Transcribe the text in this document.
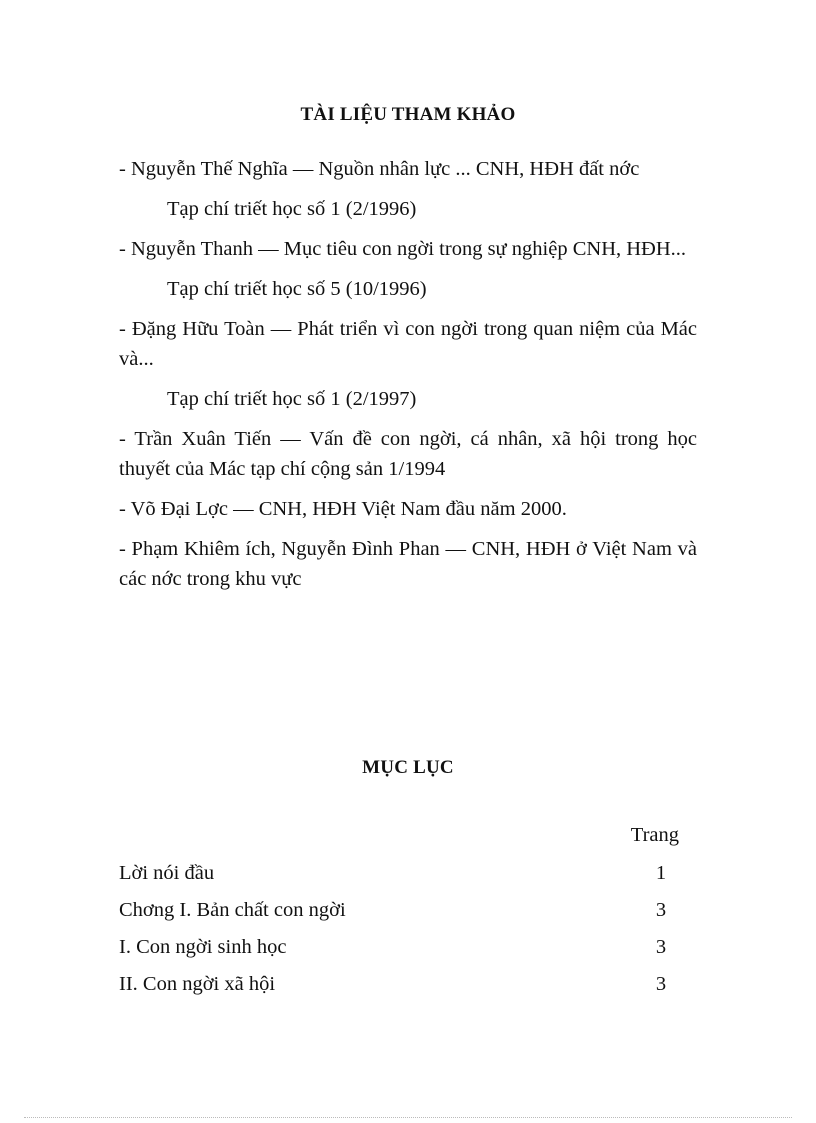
TÀI LIỆU THAM KHẢO

- Nguyễn Thế Nghĩa — Nguồn nhân lực ... CNH, HĐH đất nớc

Tạp chí triết học số 1 (2/1996)

- Nguyễn Thanh — Mục tiêu con ngời trong sự nghiệp CNH, HĐH...

Tạp chí triết học số 5 (10/1996)

- Đặng Hữu Toàn — Phát triển vì con ngời trong quan niệm của Mác và...

Tạp chí triết học số 1 (2/1997)

- Trần Xuân Tiến — Vấn đề con ngời, cá nhân, xã hội trong học thuyết của Mác tạp chí cộng sản 1/1994

- Võ Đại Lợc — CNH, HĐH Việt Nam đầu năm 2000.

- Phạm Khiêm ích, Nguyễn Đình Phan — CNH, HĐH ở Việt Nam và các nớc trong khu vực

MỤC LỤC
Trang
Lời nói đầu	1
Chơng I. Bản chất con ngời	3
I. Con ngời sinh học	3
II. Con ngời xã hội	3
